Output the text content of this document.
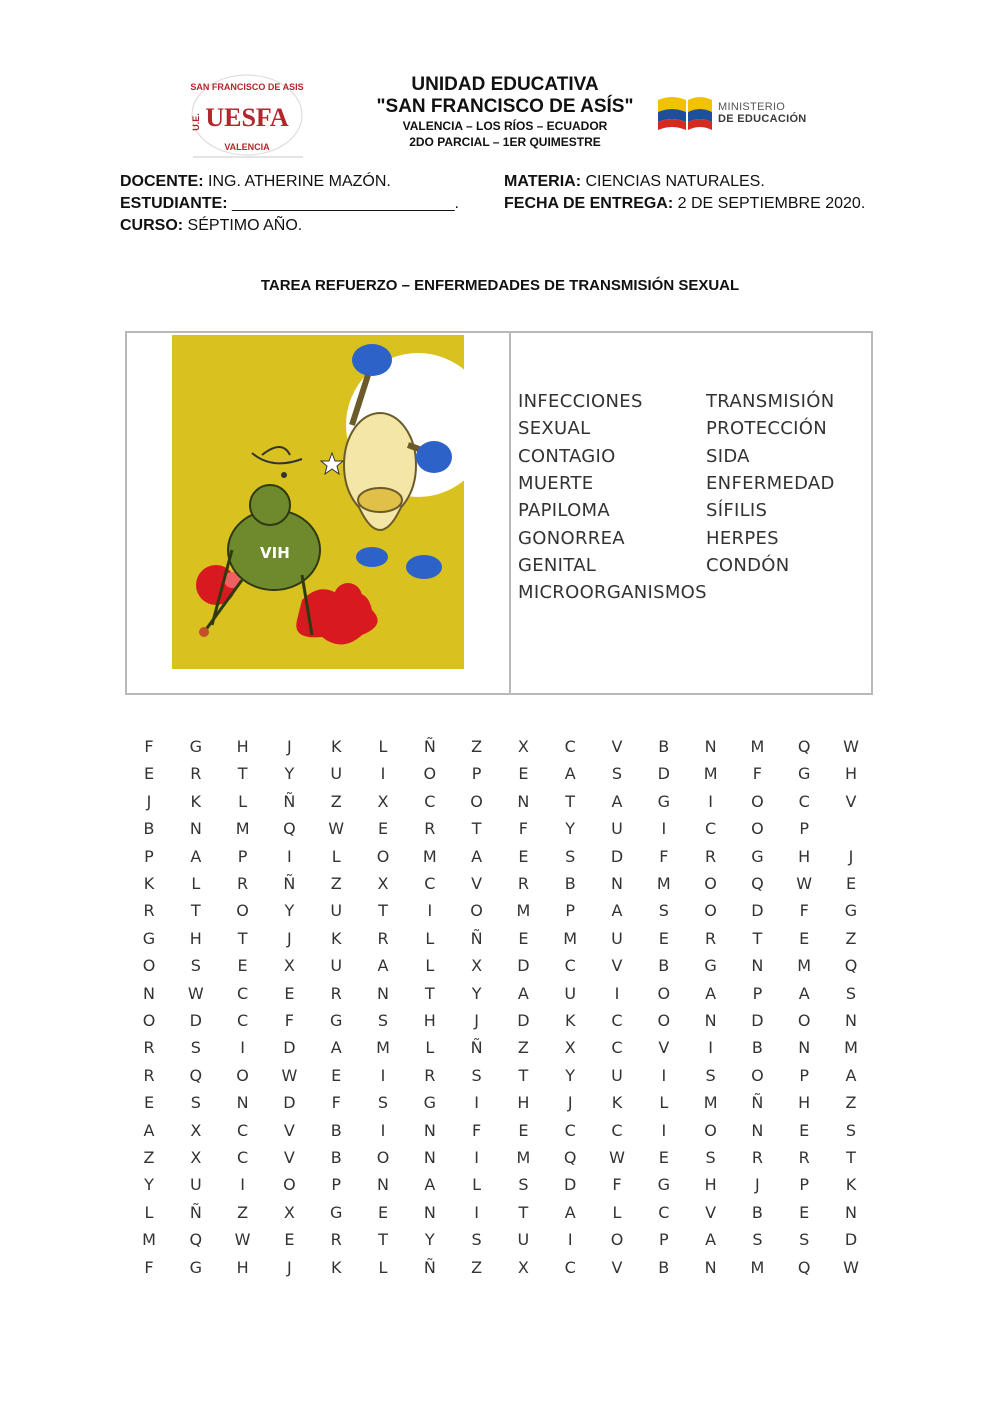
SAN FRANCISCO DE ASIS
U.E. UESFA
VALENCIA
UNIDAD EDUCATIVA
"SAN FRANCISCO DE ASÍS"
VALENCIA – LOS RÍOS – ECUADOR
2DO PARCIAL – 1ER QUIMESTRE
MINISTERIO
DE EDUCACIÓN
DOCENTE: ING. ATHERINE MAZÓN.
ESTUDIANTE: _________________________.
CURSO: SÉPTIMO AÑO.
MATERIA: CIENCIAS NATURALES.
FECHA DE ENTREGA: 2 DE SEPTIEMBRE 2020.
TAREA REFUERZO – ENFERMEDADES DE TRANSMISIÓN SEXUAL
VIH
INFECCIONES
SEXUAL
CONTAGIO
MUERTE
PAPILOMA
GONORREA
GENITAL
MICROORGANISMOS
TRANSMISIÓN
PROTECCIÓN
SIDA
ENFERMEDAD
SÍFILIS
HERPES
CONDÓN
F	G	H	J	K	L	Ñ	Z	X	C	V	B	N	M	Q	W
E	R	T	Y	U	I	O	P	E	A	S	D	M	F	G	H
J	K	L	Ñ	Z	X	C	O	N	T	A	G	I	O	C	V
B	N	M	Q	W	E	R	T	F	Y	U	I	C	O	P
P	A	P	I	L	O	M	A	E	S	D	F	R	G	H	J
K	L	R	Ñ	Z	X	C	V	R	B	N	M	O	Q	W	E
R	T	O	Y	U	T	I	O	M	P	A	S	O	D	F	G
G	H	T	J	K	R	L	Ñ	E	M	U	E	R	T	E	Z
O	S	E	X	U	A	L	X	D	C	V	B	G	N	M	Q
N	W	C	E	R	N	T	Y	A	U	I	O	A	P	A	S
O	D	C	F	G	S	H	J	D	K	C	O	N	D	O	N
R	S	I	D	A	M	L	Ñ	Z	X	C	V	I	B	N	M
R	Q	O	W	E	I	R	S	T	Y	U	I	S	O	P	A
E	S	N	D	F	S	G	I	H	J	K	L	M	Ñ	H	Z
A	X	C	V	B	I	N	F	E	C	C	I	O	N	E	S
Z	X	C	V	B	O	N	I	M	Q	W	E	S	R	R	T
Y	U	I	O	P	N	A	L	S	D	F	G	H	J	P	K
L	Ñ	Z	X	G	E	N	I	T	A	L	C	V	B	E	N
M	Q	W	E	R	T	Y	S	U	I	O	P	A	S	S	D
F	G	H	J	K	L	Ñ	Z	X	C	V	B	N	M	Q	W
